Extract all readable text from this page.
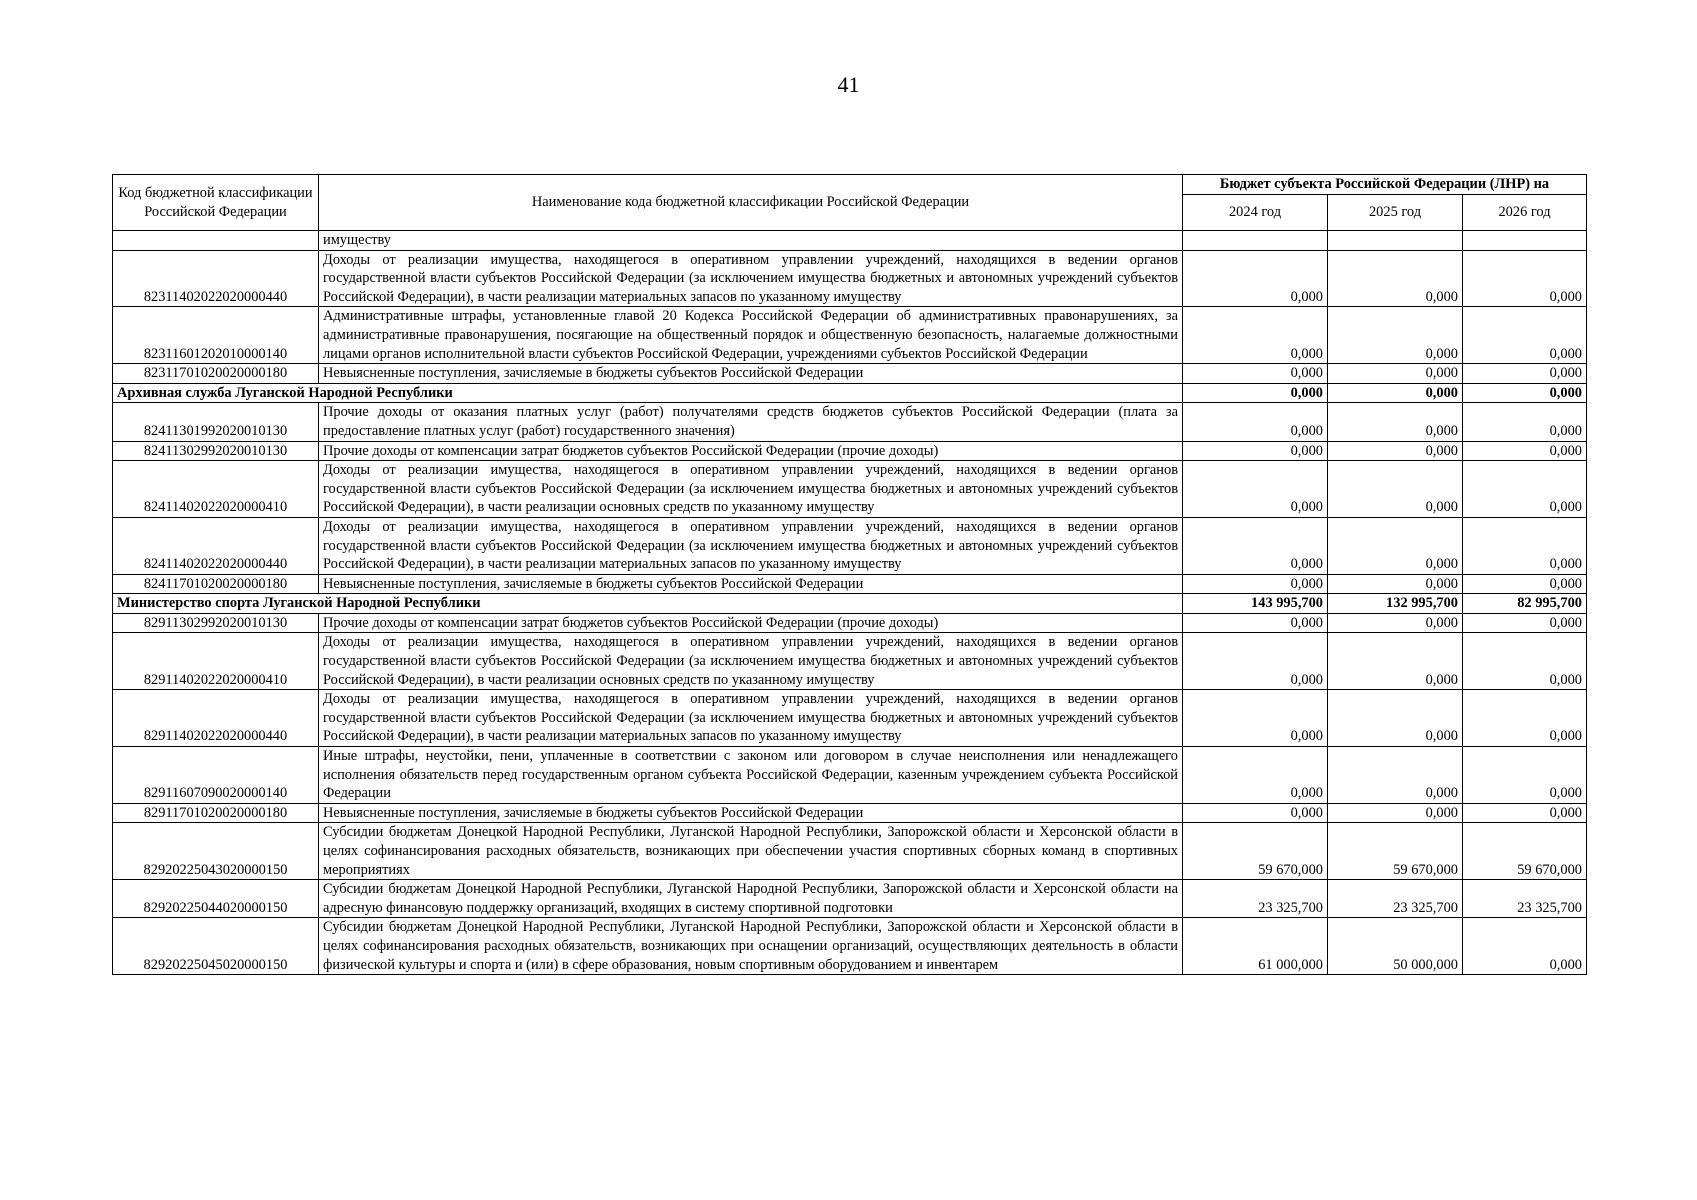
41
Код бюджетной классификации Российской Федерации	Наименование кода бюджетной классификации Российской Федерации	Бюджет субъекта Российской Федерации (ЛНР) на		
		2024 год	2025 год	2026 год
	имуществу			
82311402022020000440	Доходы от реализации имущества, находящегося в оперативном управлении учреждений, находящихся в ведении органов государственной власти субъектов Российской Федерации (за исключением имущества бюджетных и автономных учреждений субъектов Российской Федерации), в части реализации материальных запасов по указанному имуществу	0,000	0,000	0,000
82311601202010000140	Административные штрафы, установленные главой 20 Кодекса Российской Федерации об административных правонарушениях, за административные правонарушения, посягающие на общественный порядок и общественную безопасность, налагаемые должностными лицами органов исполнительной власти субъектов Российской Федерации, учреждениями субъектов Российской Федерации	0,000	0,000	0,000
82311701020020000180	Невыясненные поступления, зачисляемые в бюджеты субъектов Российской Федерации	0,000	0,000	0,000
Архивная служба Луганской Народной Республики		0,000	0,000	0,000
82411301992020010130	Прочие доходы от оказания платных услуг (работ) получателями средств бюджетов субъектов Российской Федерации (плата за предоставление платных услуг (работ) государственного значения)	0,000	0,000	0,000
82411302992020010130	Прочие доходы от компенсации затрат бюджетов субъектов Российской Федерации (прочие доходы)	0,000	0,000	0,000
82411402022020000410	Доходы от реализации имущества, находящегося в оперативном управлении учреждений, находящихся в ведении органов государственной власти субъектов Российской Федерации (за исключением имущества бюджетных и автономных учреждений субъектов Российской Федерации), в части реализации основных средств по указанному имуществу	0,000	0,000	0,000
82411402022020000440	Доходы от реализации имущества, находящегося в оперативном управлении учреждений, находящихся в ведении органов государственной власти субъектов Российской Федерации (за исключением имущества бюджетных и автономных учреждений субъектов Российской Федерации), в части реализации материальных запасов по указанному имуществу	0,000	0,000	0,000
82411701020020000180	Невыясненные поступления, зачисляемые в бюджеты субъектов Российской Федерации	0,000	0,000	0,000
Министерство спорта Луганской Народной Республики		143 995,700	132 995,700	82 995,700
82911302992020010130	Прочие доходы от компенсации затрат бюджетов субъектов Российской Федерации (прочие доходы)	0,000	0,000	0,000
82911402022020000410	Доходы от реализации имущества, находящегося в оперативном управлении учреждений, находящихся в ведении органов государственной власти субъектов Российской Федерации (за исключением имущества бюджетных и автономных учреждений субъектов Российской Федерации), в части реализации основных средств по указанному имуществу	0,000	0,000	0,000
82911402022020000440	Доходы от реализации имущества, находящегося в оперативном управлении учреждений, находящихся в ведении органов государственной власти субъектов Российской Федерации (за исключением имущества бюджетных и автономных учреждений субъектов Российской Федерации), в части реализации материальных запасов по указанному имуществу	0,000	0,000	0,000
82911607090020000140	Иные штрафы, неустойки, пени, уплаченные в соответствии с законом или договором в случае неисполнения или ненадлежащего исполнения обязательств перед государственным органом субъекта Российской Федерации, казенным учреждением субъекта Российской Федерации	0,000	0,000	0,000
82911701020020000180	Невыясненные поступления, зачисляемые в бюджеты субъектов Российской Федерации	0,000	0,000	0,000
82920225043020000150	Субсидии бюджетам Донецкой Народной Республики, Луганской Народной Республики, Запорожской области и Херсонской области в целях софинансирования расходных обязательств, возникающих при обеспечении участия спортивных сборных команд в спортивных мероприятиях	59 670,000	59 670,000	59 670,000
82920225044020000150	Субсидии бюджетам Донецкой Народной Республики, Луганской Народной Республики, Запорожской области и Херсонской области на адресную финансовую поддержку организаций, входящих в систему спортивной подготовки	23 325,700	23 325,700	23 325,700
82920225045020000150	Субсидии бюджетам Донецкой Народной Республики, Луганской Народной Республики, Запорожской области и Херсонской области в целях софинансирования расходных обязательств, возникающих при оснащении организаций, осуществляющих деятельность в области физической культуры и спорта и (или) в сфере образования, новым спортивным оборудованием и инвентарем	61 000,000	50 000,000	0,000
